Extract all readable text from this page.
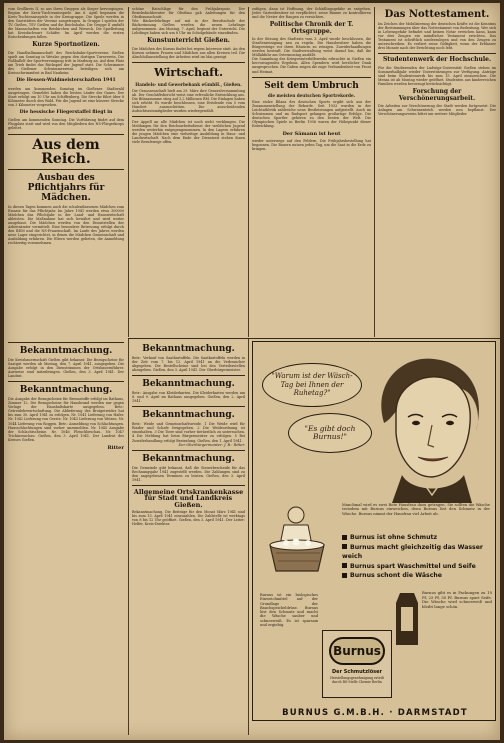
vom Großkreis II, so aus ihren Gruppen als Sieger hervorgingen. Regiun der Kreis-Tischtennisspiele. Am 6. April beginnen die Kreis-Tischtennisspiele in der Kreisgruppe. Die Spiele werden in den Gaststätten der Vereine ausgetragen. In Gruppe I spielen der TV. Gießen, TSV Gießen und die Reichsbahn. Die Gruppe II umfaßt die Mannschaften von Reiskirchen und Wieseck. Die Spielleitung hat Kreisfachwart Schäfer. Im April werden die ersten Entscheidungen fallen.
Kurze Sportnotizen.
Die Handballmannschaft des Reichsbahn-Sportvereins Gießen spielt am Sonntag in Wetzlar gegen den dortigen Turnverein. Die Fußballelf der Sportvereinigung tritt in Marburg an. Auf dem Platz am Trieb findet das Rückspiel der Jugend statt. Die Schwimmer des Gießener Schwimmvereins beteiligen sich am Kreisschwimmfest in Bad Nauheim.
Die Hessen-Waldmeisterschaften 1941
werden am kommenden Sonntag im Gießener Stadtwald ausgetragen. Gemeldet haben die besten Läufer des Gaues. Der Start erfolgt um 10 Uhr am Schiffenberg. Die Strecke führt über 8 Kilometer durch den Wald. Für die Jugend ist eine kürzere Strecke von 3 Kilometer vorgesehen.
Die hessische Fliegerstaffel fliegt in
Gießen am kommenden Sonntag. Die Vorführung findet auf dem Flugplatz statt und wird von den Mitgliedern des NS-Fliegerkorps geleitet.
Aus dem Reich.
Ausbau des Pflichtjahrs für Mädchen.
In diesen Tagen kommen auch die schulentlassenen Mädchen zum Einsatz für das Pflichtjahr. Im Jahre 1941 werden etwa 300000 Mädchen das Pflichtjahr in der Land- und Hauswirtschaft ableisten. Die Maßnahme hat sich bewährt und wird weiter ausgebaut. Die Mädchen werden von den Dienststellen der Arbeitsämter vermittelt. Eine besondere Betreuung erfolgt durch den BDM und die NS-Frauenschaft. Im Laufe des Jahres werden neue Lager eingerichtet, in denen die Mädchen Gemeinschaft und Ausbildung erfahren. Die Eltern werden gebeten, die Anmeldung rechtzeitig vorzunehmen.
Bekanntmachung.
Die Kreisbauernschaft Gießen gibt bekannt: Die Bezugscheine für Saatgut werden ab Montag, den 7. April 1941, ausgegeben. Die Ausgabe erfolgt in den Diensträumen der Ortsbauernführer. Ausweise sind mitzubringen. Gießen, den 3. April 1941. Der Landrat.
Bekanntmachung.
Die Ausgabe der Bezugscheine für Brennstoffe erfolgt im Rathaus, Zimmer 12. Die Bezugscheine für Hausbrand werden nur gegen Vorlage der Haushaltskarte ausgegeben. Betr.: Getreidebewirtschaftung. Die Ablieferung des Brotgetreides hat bis zum 30. April 1941 zu erfolgen. Nr. 1041 Lieferung von Hafer. Nr. 1042 Lieferung von Gerste. Nr. 1043 Lieferung von Weizen. Nr. 1044 Lieferung von Roggen. Betr.: Anmeldung von Schlachtungen. Hausschlachtungen sind vorher anzumelden. Nr. 1045 Ausgabe der Schlachtscheine. Nr. 1046 Fleischbeschau. Nr. 1047 Trichinenschau. Gießen, den 3. April 1941. Der Landrat des Kreises Gießen.
Ritter
schöne Ratschläge für den Frühjahrsputz. Der Bezirksfachberater für Obstbau gab Anleitungen für den Obstbaumschnitt.
Wie Bäckerlehrlinge auf mit in der Berufsschule der Bäckerinnung Gießen werden die neuen Lehrlinge aufgenommen. Am Montag, 7. April, beginnt der Unterricht. Die Lehrlinge haben sich um 8 Uhr im Schulgebäude einzufinden.
Kunstunterricht Gießen.
Die Mädchen des Kursus findet bei regem Interesse statt. An den Kursen nehmen Frauen und Mädchen aus allen Kreisen teil. Die Abschlußausstellung der Arbeiten wird im Mai gezeigt.
Wirtschaft.
Handels- und Gewerbebank eGmbH., Gießen.
Die Genossenschaft hielt am 29. März ihre Generalversammlung ab. Der Geschäftsbericht weist eine erfreuliche Entwicklung aus. Die Bilanzsumme stieg auf 3,2 Millionen RM. Die Einlagen haben sich erhöht. Es wurde beschlossen, eine Dividende von 5 vom Hundert auszuschütten. Die ausscheidenden Aufsichtsratsmitglieder wurden wiedergewählt.
Der Appell an alle Mädchen ist noch nicht verklungen. Die Meldungen für den Reichsarbeitsdienst der weiblichen Jugend werden weiterhin entgegengenommen. In den Lagern erfahren die jungen Mädchen eine vielseitige Ausbildung in Haus- und Landwirtschaft. Nach dem Ende der Dienstzeit stehen ihnen viele Berufswege offen.
Bekanntmachung.
Betr.: Verkauf von Saatkartoffeln. Die Saatkartoffeln werden in der Zeit vom 7. bis 12. April 1941 an die Verbraucher abgegeben. Die Bestellscheine sind bei den Verteilerstellen abzugeben. Gießen, den 3. April 1941. Der Oberbürgermeister.
Bekanntmachung.
Betr.: Ausgabe von Kleiderkarten. Die Kleiderkarten werden am 8. und 9. April im Rathaus ausgegeben. Gießen, den 2. April 1941.
Bekanntmachung.
Betr.: Weide und Gemeinschaftsweide. 1 Die Weide wird für Rinder und Schafe freigegeben. 2 Die Weideordnung ist einzuhalten. 3 Die Tiere sind vorher tierärztlich zu untersuchen. 4 Die Meldung hat beim Bürgermeister zu erfolgen. 5 Bei Zuwiderhandlung erfolgt Bestrafung. Gießen, den 1. April 1941.
Der Oberbürgermeister: J. B.: Ritter.
Bekanntmachung.
Die Gemeinde gibt bekannt, daß die Steuerbescheide für das Rechnungsjahr 1941 zugestellt werden. Die Zahlungen sind zu den angegebenen Terminen zu leisten. Gießen, den 3. April 1941.
Allgemeine Ortskrankenkasse für Stadt und Landkreis Gießen.
Bekanntmachung. Die Beiträge für den Monat März 1941 sind bis zum 15. April 1941 einzuzahlen. Die Zahlstelle ist werktags von 8 bis 12 Uhr geöffnet. Gießen, den 3. April 1941. Der Leiter: Helfer, Kreis-Direktor.
zufügen, dann ist Hoffnung, der Schädlingsgefahr zu entgehen. Jeder Gartenbesitzer ist verpflichtet, seine Bäume zu kontrollieren und die Nester der Raupen zu vernichten.
Politische Chronik der T. Ortsgruppe.
In der Sitzung des Stadtrats vom 3. April wurde beschlossen, die Straßenreinigung neu zu regeln. Die Hausbesitzer haben die Bürgersteige vor ihren Häusern zu reinigen. Zuwiderhandlungen werden bestraft. Die Stadtverwaltung weist darauf hin, daß die Müllabfuhr am Ostermontag ausfällt.
Die Sammlung des Kriegswinterhilfswerks erbrachte in Gießen ein hervorragendes Ergebnis. Allen Spendern wird herzlicher Dank ausgesprochen. Die Gaben zeigen die enge Verbundenheit von Front und Heimat.
Seit dem Umbruch
die meisten deutschen Sportrekorde.
Eine stolze Bilanz des deutschen Sports ergibt sich aus der Zusammenstellung der Rekorde. Seit 1933 wurden in der Leichtathletik zahlreiche neue Bestleistungen aufgestellt. Auch im Schwimmen und im Radsport gelangen großartige Erfolge. Die deutschen Sportler gehören zu den besten der Welt. Die Olympischen Spiele in Berlin 1936 waren der Höhepunkt dieser Entwicklung.
Der Sämann ist heut
wieder unterwegs auf den Feldern. Die Frühjahrsbestellung hat begonnen. Die Bauern nutzen jeden Tag, um die Saat in die Erde zu bringen.
Das Nottestament.
Im Zeichen der Mobilisierung der deutschen Kräfte ist die Kenntnis der Bestimmungen über das Nottestament von Bedeutung. Wer sich in Lebensgefahr befindet und keinen Notar erreichen kann, kann vor drei Zeugen ein mündliches Testament errichten. Das Testament ist schriftlich niederzulegen und von den Zeugen zu unterschreiben. Es verliert seine Gültigkeit, wenn der Erblasser drei Monate nach der Errichtung noch lebt.
Studentenwerk der Hochschule.
Für die Studierenden der Ludwigs-Universität Gießen stehen im Sommerhalbjahr wieder Unterstützungen zur Verfügung. Anträge sind beim Studentenwerk bis zum 15. April einzureichen. Die Mensa ist ab Montag wieder geöffnet. Studenten aus kinderreichen Familien werden bevorzugt berücksichtigt.
Forschung der Verschönerungsarbeit.
Die Arbeiten zur Verschönerung der Stadt werden fortgesetzt. Die Anlagen am Schwanenteich werden neu bepflanzt. Der Verschönerungsverein bittet um weitere Mitglieder.
"Warum ist der Wäsch-Tag bei Ihnen der Ruhetag?"
"Es gibt doch Burnus!"
Manchmal wird es zwei Rote Hausfrau dazu getragen. Sie sollten die Wäsche trotzdem mit Burnus einweichen, denn Burnus löst den Schmutz in der Wäsche. Burnus nimmt der Hausfrau viel Arbeit ab.
Burnus ist ohne Schmutz
Burnus macht gleichzeitig das Wasser weich
Burnus spart Waschmittel und Seife
Burnus schont die Wäsche
Burnus ist ein biologisches Einweichmittel auf der Grundlage der Bauchspeicheldrüse. Burnus löst den Schmutz und macht die Wäsche sauber und schneeweiß. Es ist sparsam und ergiebig.
Burnus
Der Schmutzlöser
Herstellungsgenehmigung erteilt durch RS-Stelle Chemie Berlin
Burnus gibt es in Packungen zu 10 Pf, 25 Pf, 50 Pf. Burnus spart Seife. Die Wäsche wird schneeweiß und bleibt lange schön.
BURNUS G.M.B.H. · DARMSTADT
